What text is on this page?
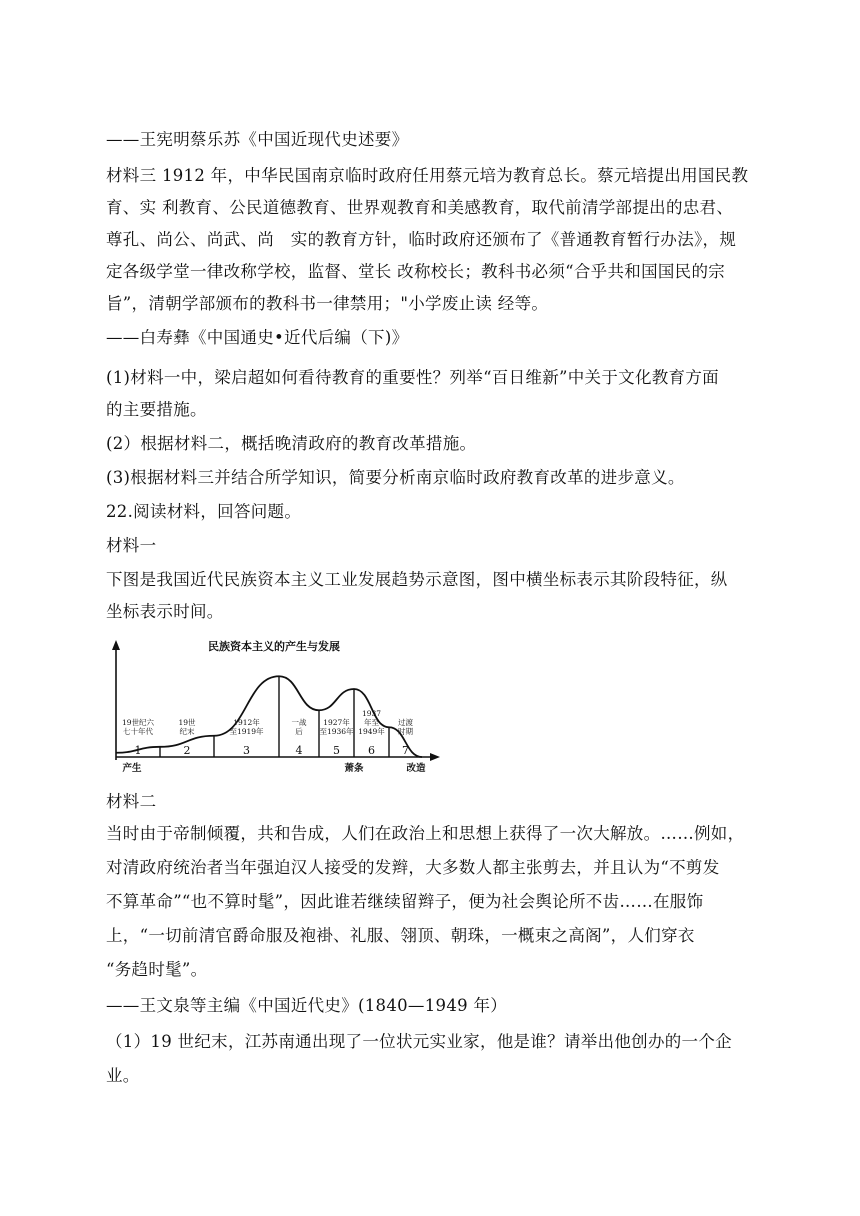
——王宪明蔡乐苏《中国近现代史述要》
材料三 1912 年，中华民国南京临时政府任用蔡元培为教育总长。蔡元培提出用国民教
育、实 利教育、公民道德教育、世界观教育和美感教育，取代前清学部提出的忠君、
尊孔、尚公、尚武、尚　实的教育方针，临时政府还颁布了《普通教育暂行办法》，规
定各级学堂一律改称学校，监督、堂长 改称校长；教科书必须“合乎共和国国民的宗
旨”，清朝学部颁布的教科书一律禁用；"小学废止读 经等。
——白寿彝《中国通史•近代后编（下)》
(1)材料一中，梁启超如何看待教育的重要性？列举“百日维新”中关于文化教育方面
的主要措施。
(2）根据材料二，概括晚清政府的教育改革措施。
(3)根据材料三并结合所学知识，简要分析南京临时政府教育改革的进步意义。
22.阅读材料，回答问题。
材料一
下图是我国近代民族资本主义工业发展趋势示意图，图中横坐标表示其阶段特征，纵
坐标表示时间。
民族资本主义的产生与发展
19世纪六
七十年代
1
19世
纪末
2
1912年
至1919年
3
一战
后
4
1927年
至1936年
5
1937
年至
1949年
6
过渡
时期
7
产生	萧条	改造
材料二
当时由于帝制倾覆，共和告成，人们在政治上和思想上获得了一次大解放。……例如，
对清政府统治者当年强迫汉人接受的发辫，大多数人都主张剪去，并且认为“不剪发
不算革命”“也不算时髦”，因此谁若继续留辫子，便为社会舆论所不齿……在服饰
上，“一切前清官爵命服及袍褂、礼服、翎顶、朝珠，一概束之高阁”，人们穿衣
“务趋时髦”。
——王文泉等主编《中国近代史》(1840—1949 年）
（1）19 世纪末，江苏南通出现了一位状元实业家，他是谁？请举出他创办的一个企
业。
